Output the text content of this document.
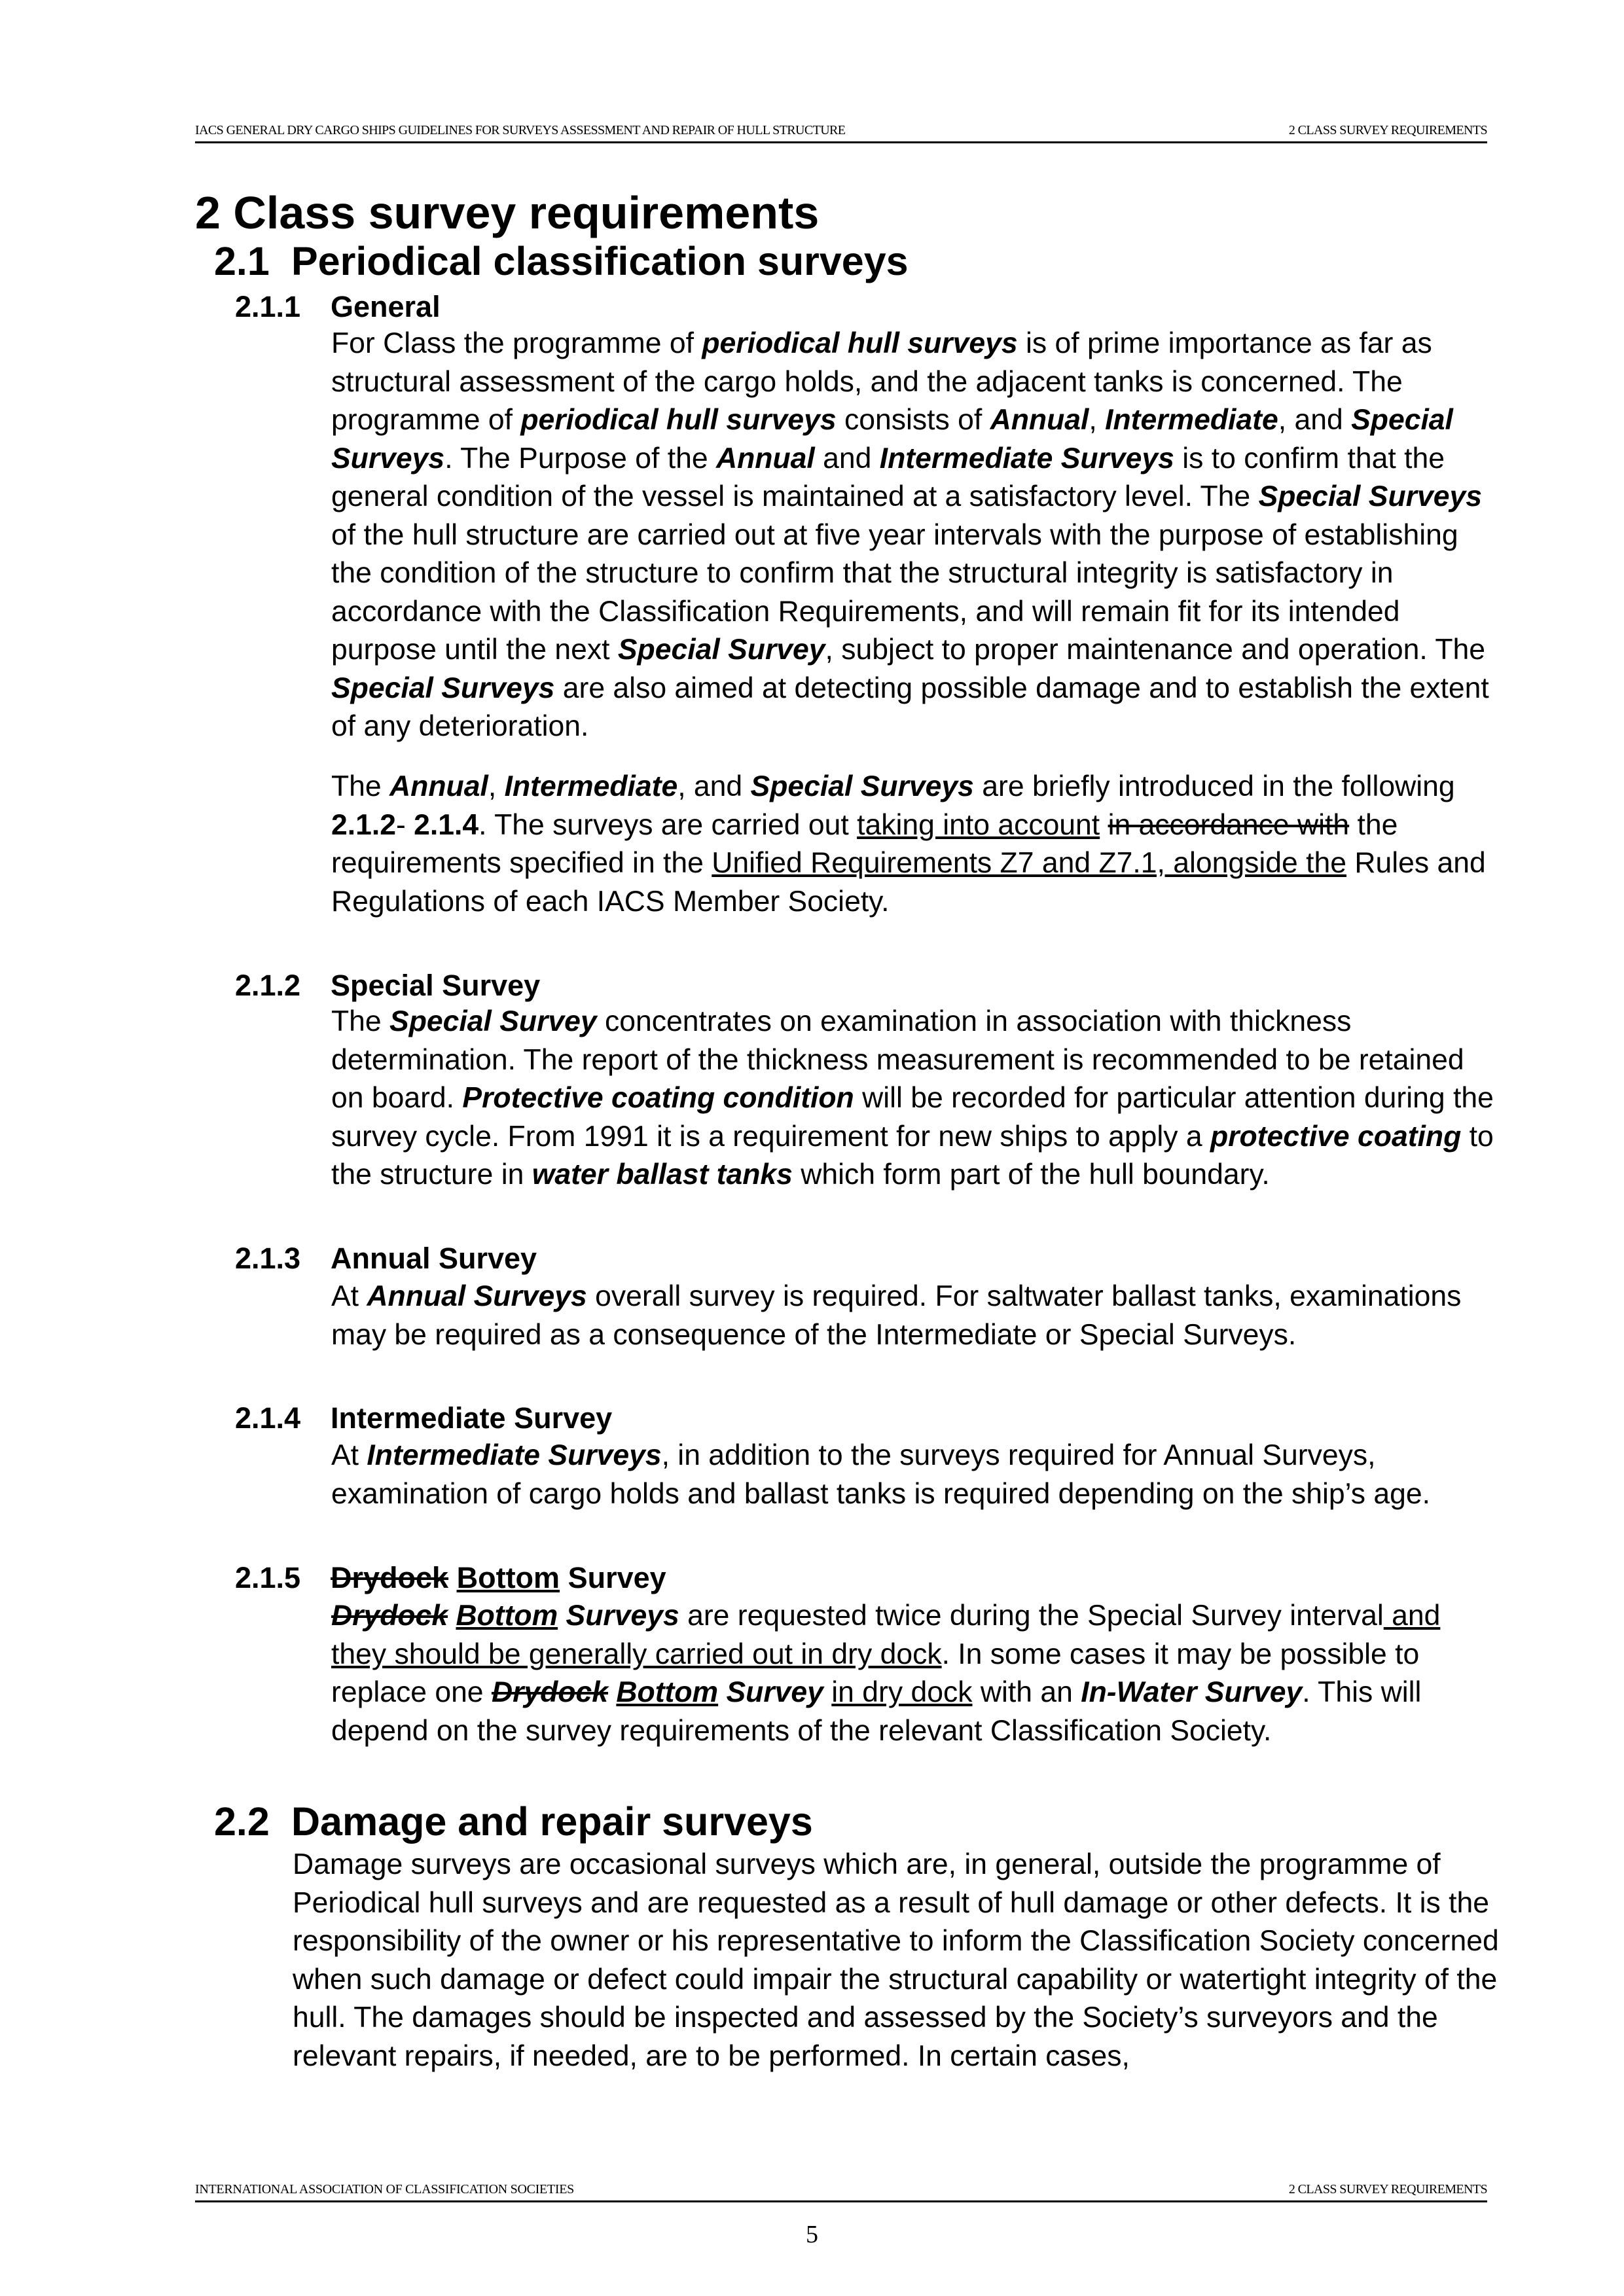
IACS GENERAL DRY CARGO SHIPS GUIDELINES FOR SURVEYS ASSESSMENT AND REPAIR OF HULL STRUCTURE	2 CLASS SURVEY REQUIREMENTS
2 Class survey requirements
2.1 Periodical classification surveys
2.1.1 General
For Class the programme of periodical hull surveys is of prime importance as far as structural assessment of the cargo holds, and the adjacent tanks is concerned. The programme of periodical hull surveys consists of Annual, Intermediate, and Special Surveys. The Purpose of the Annual and Intermediate Surveys is to confirm that the general condition of the vessel is maintained at a satisfactory level. The Special Surveys of the hull structure are carried out at five year intervals with the purpose of establishing the condition of the structure to confirm that the structural integrity is satisfactory in accordance with the Classification Requirements, and will remain fit for its intended purpose until the next Special Survey, subject to proper maintenance and operation. The Special Surveys are also aimed at detecting possible damage and to establish the extent of any deterioration.
The Annual, Intermediate, and Special Surveys are briefly introduced in the following 2.1.2- 2.1.4. The surveys are carried out taking into account in accordance with the requirements specified in the Unified Requirements Z7 and Z7.1, alongside the Rules and Regulations of each IACS Member Society.
2.1.2 Special Survey
The Special Survey concentrates on examination in association with thickness determination. The report of the thickness measurement is recommended to be retained on board. Protective coating condition will be recorded for particular attention during the survey cycle. From 1991 it is a requirement for new ships to apply a protective coating to the structure in water ballast tanks which form part of the hull boundary.
2.1.3 Annual Survey
At Annual Surveys overall survey is required. For saltwater ballast tanks, examinations may be required as a consequence of the Intermediate or Special Surveys.
2.1.4 Intermediate Survey
At Intermediate Surveys, in addition to the surveys required for Annual Surveys, examination of cargo holds and ballast tanks is required depending on the ship’s age.
2.1.5 Drydock Bottom Survey
Drydock Bottom Surveys are requested twice during the Special Survey interval and they should be generally carried out in dry dock. In some cases it may be possible to replace one Drydock Bottom Survey in dry dock with an In-Water Survey. This will depend on the survey requirements of the relevant Classification Society.
2.2 Damage and repair surveys
Damage surveys are occasional surveys which are, in general, outside the programme of Periodical hull surveys and are requested as a result of hull damage or other defects. It is the responsibility of the owner or his representative to inform the Classification Society concerned when such damage or defect could impair the structural capability or watertight integrity of the hull. The damages should be inspected and assessed by the Society’s surveyors and the relevant repairs, if needed, are to be performed. In certain cases,
INTERNATIONAL ASSOCIATION OF CLASSIFICATION SOCIETIES	2 CLASS SURVEY REQUIREMENTS
5
